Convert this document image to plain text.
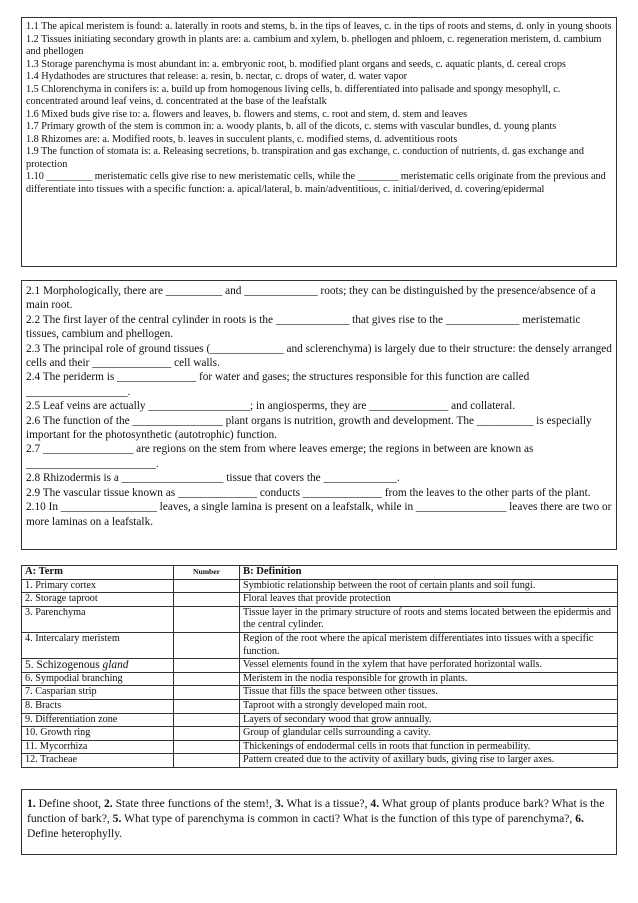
1.1 The apical meristem is found: a. laterally in roots and stems, b. in the tips of leaves, c. in the tips of roots and stems, d. only in young shoots

1.2 Tissues initiating secondary growth in plants are: a. cambium and xylem, b. phellogen and phloem, c. regeneration meristem, d. cambium and phellogen

1.3 Storage parenchyma is most abundant in: a. embryonic root, b. modified plant organs and seeds, c. aquatic plants, d. cereal crops

1.4 Hydathodes are structures that release: a. resin, b. nectar, c. drops of water, d. water vapor

1.5 Chlorenchyma in conifers is: a. build up from homogenous living cells, b. differentiated into palisade and spongy mesophyll, c. concentrated around leaf veins, d. concentrated at the base of the leafstalk

1.6 Mixed buds give rise to: a. flowers and leaves, b. flowers and stems, c. root and stem, d. stem and leaves

1.7 Primary growth of the stem is common in: a. woody plants, b. all of the dicots, c. stems with vascular bundles, d. young plants

1.8 Rhizomes are: a. Modified roots, b. leaves in succulent plants, c. modified stems, d. adventitious roots

1.9 The function of stomata is: a. Releasing secretions, b. transpiration and gas exchange, c. conduction of nutrients, d. gas exchange and protection

1.10 _________ meristematic cells give rise to new meristematic cells, while the ________ meristematic cells originate from the previous and differentiate into tissues with a specific function: a. apical/lateral, b. main/adventitious, c. initial/derived, d. covering/epidermal

2.1 Morphologically, there are __________ and _____________ roots; they can be distinguished by the presence/absence of a main root.

2.2 The first layer of the central cylinder in roots is the _____________ that gives rise to the _____________ meristematic tissues, cambium and phellogen.

2.3 The principal role of ground tissues (_____________ and sclerenchyma) is largely due to their structure: the densely arranged cells and their ______________ cell walls.

2.4 The periderm is ______________ for water and gases; the structures responsible for this function are called __________________.

2.5 Leaf veins are actually __________________; in angiosperms, they are ______________ and collateral.

2.6 The function of the ________________ plant organs is nutrition, growth and development. The __________ is especially important for the photosynthetic (autotrophic) function.

2.7 ________________ are regions on the stem from where leaves emerge; the regions in between are known as _______________________.

2.8 Rhizodermis is a __________________ tissue that covers the _____________.

2.9 The vascular tissue known as ______________ conducts ______________ from the leaves to the other parts of the plant.

2.10 In _________________ leaves, a single lamina is present on a leafstalk, while in ________________ leaves there are two or more laminas on a leafstalk.

A: Term	Number	B: Definition
1. Primary cortex		Symbiotic relationship between the root of certain plants and soil fungi.
2. Storage taproot		Floral leaves that provide protection
3. Parenchyma		Tissue layer in the primary structure of roots and stems located between the epidermis and the central cylinder.
4. Intercalary meristem		Region of the root where the apical meristem differentiates into tissues with a specific function.
5. Schizogenous gland		Vessel elements found in the xylem that have perforated horizontal walls.
6. Sympodial branching		Meristem in the nodia responsible for growth in plants.
7. Casparian strip		Tissue that fills the space between other tissues.
8. Bracts		Taproot with a strongly developed main root.
9. Differentiation zone		Layers of secondary wood that grow annually.
10. Growth ring		Group of glandular cells surrounding a cavity.
11. Mycorrhiza		Thickenings of endodermal cells in roots that function in permeability.
12. Tracheae		Pattern created due to the activity of axillary buds, giving rise to larger axes.

1. Define shoot, 2. State three functions of the stem!, 3. What is a tissue?, 4. What group of plants produce bark? What is the function of bark?, 5. What type of parenchyma is common in cacti? What is the function of this type of parenchyma?, 6. Define heterophylly.
